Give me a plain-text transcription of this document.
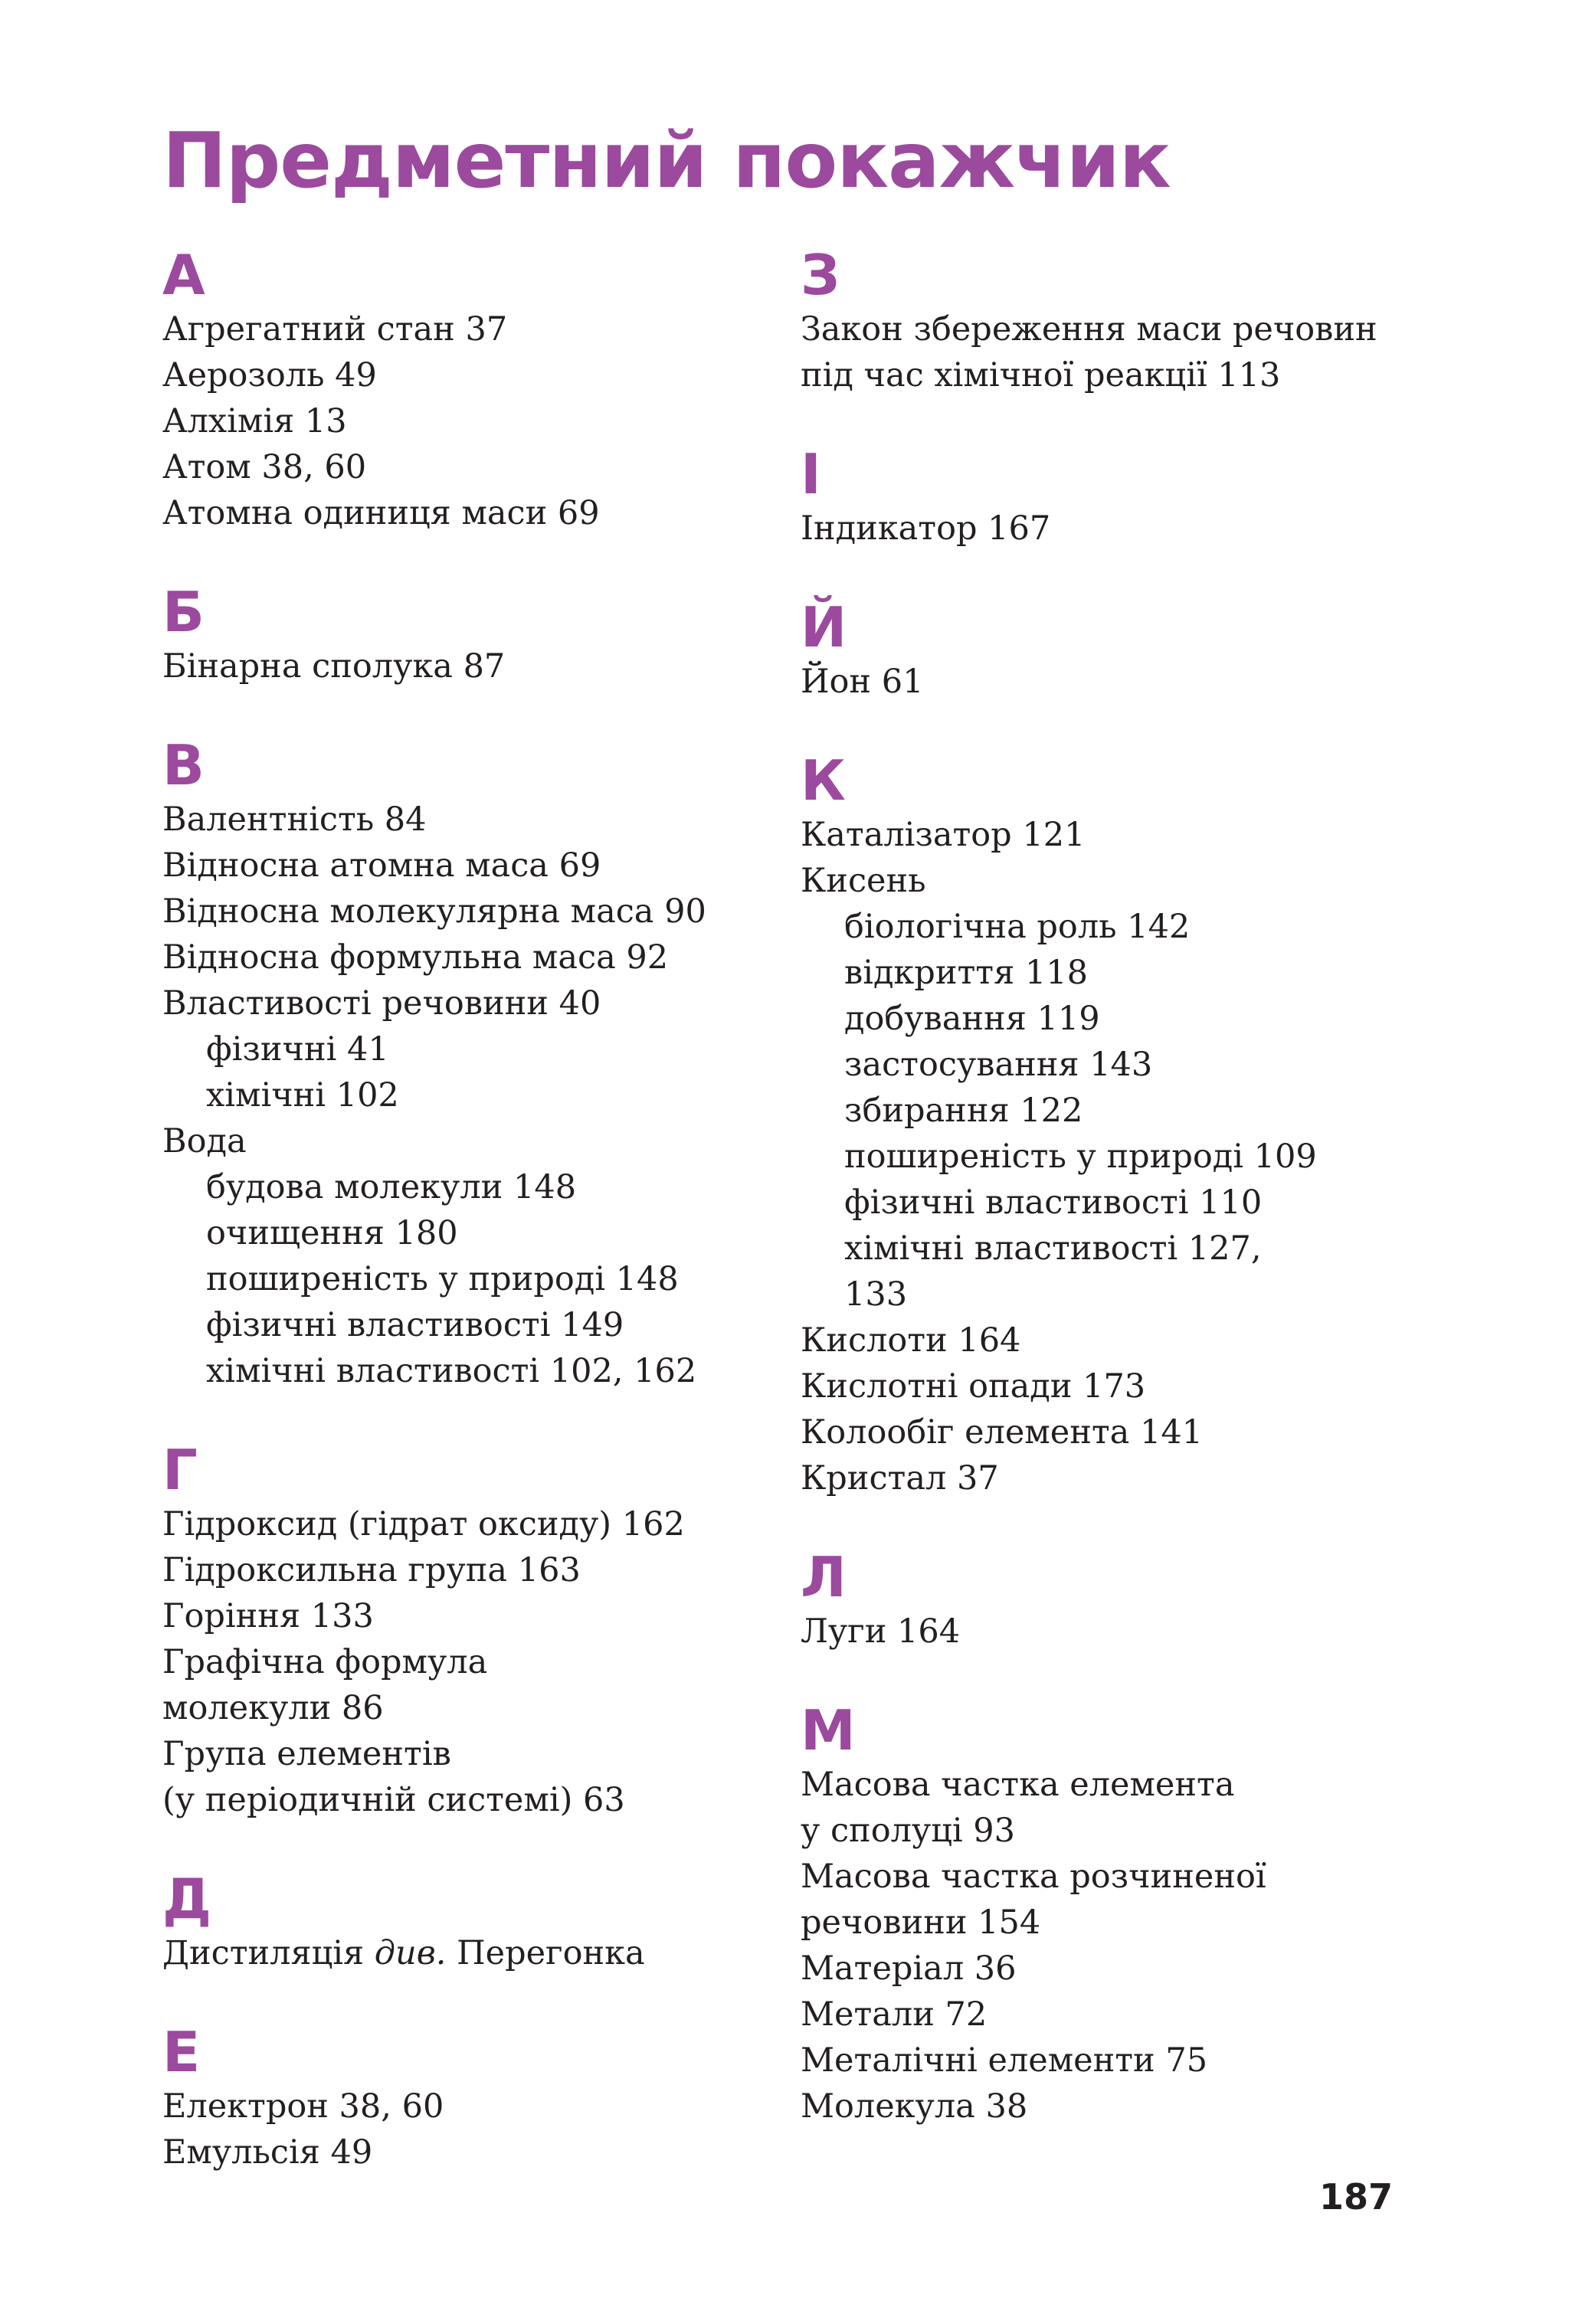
Предметний покажчик
А
Агрегатний стан 37
Аерозоль 49
Алхімія 13
Атом 38, 60
Атомна одиниця маси 69
Б
Бінарна сполука 87
В
Валентність 84
Відносна атомна маса 69
Відносна молекулярна маса 90
Відносна формульна маса 92
Властивості речовини 40
фізичні 41
хімічні 102
Вода
будова молекули 148
очищення 180
поширеність у природі 148
фізичні властивості 149
хімічні властивості 102, 162
Г
Гідроксид (гідрат оксиду) 162
Гідроксильна група 163
Горіння 133
Графічна формула
молекули 86
Група елементів
(у періодичній системі) 63
Д
Дистиляція див. Перегонка
Е
Електрон 38, 60
Емульсія 49
З
Закон збереження маси речовин
під час хімічної реакції 113
І
Індикатор 167
Й
Йон 61
К
Каталізатор 121
Кисень
біологічна роль 142
відкриття 118
добування 119
застосування 143
збирання 122
поширеність у природі 109
фізичні властивості 110
хімічні властивості 127,
133
Кислоти 164
Кислотні опади 173
Колообіг елемента 141
Кристал 37
Л
Луги 164
М
Масова частка елемента
у сполуці 93
Масова частка розчиненої
речовини 154
Матеріал 36
Метали 72
Металічні елементи 75
Молекула 38
187
